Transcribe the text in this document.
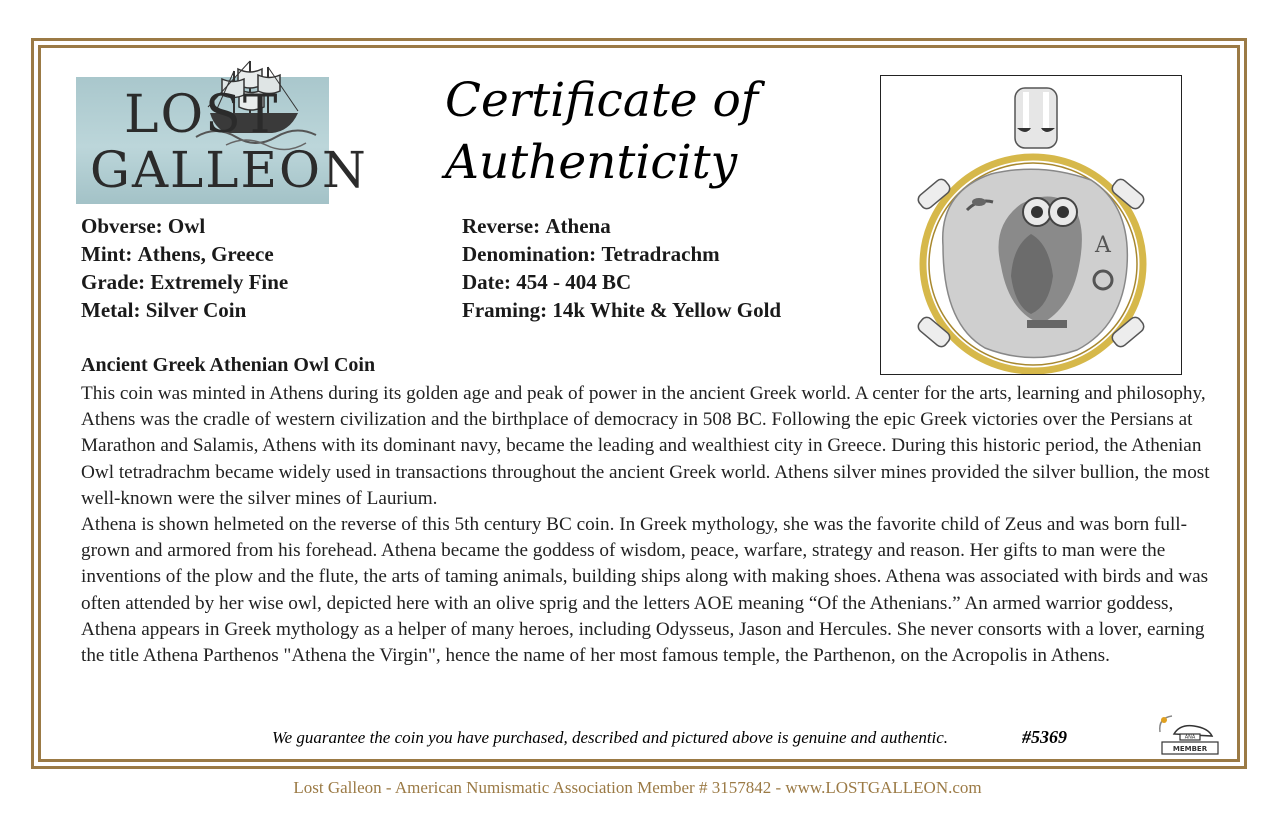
LOST
GALLEON
Certificate of
Authenticity
A
Obverse: Owl
Mint: Athens, Greece
Grade: Extremely Fine
Metal: Silver Coin
Reverse: Athena
Denomination: Tetradrachm
Date: 454 - 404 BC
Framing: 14k White & Yellow Gold
Ancient Greek Athenian Owl Coin

This coin was minted in Athens during its golden age and peak of power in the ancient Greek world. A center for the arts, learning and philosophy, Athens was the cradle of western civilization and the birthplace of democracy in 508 BC. Following the epic Greek victories over the Persians at Marathon and Salamis, Athens with its dominant navy, became the leading and wealthiest city in Greece. During this historic period, the Athenian Owl tetradrachm became widely used in transactions throughout the ancient Greek world. Athens silver mines provided the silver bullion, the most well-known were the silver mines of Laurium.

Athena is shown helmeted on the reverse of this 5th century BC coin. In Greek mythology, she was the favorite child of Zeus and was born full-grown and armored from his forehead. Athena became the goddess of wisdom, peace, warfare, strategy and reason. Her gifts to man were the inventions of the plow and the flute, the arts of taming animals, building ships along with making shoes. Athena was associated with birds and was often attended by her wise owl, depicted here with an olive sprig and the letters AOE meaning “Of the Athenians.” An armed warrior goddess, Athena appears in Greek mythology as a helper of many heroes, including Odysseus, Jason and Hercules. She never consorts with a lover, earning the title Athena Parthenos "Athena the Virgin", hence the name of her most famous temple, the Parthenon, on the Acropolis in Athens.

We guarantee the coin you have purchased, described and pictured above is genuine and authentic.	#5369	ANA
MEMBER
Lost Galleon - American Numismatic Association Member # 3157842 - www.LOSTGALLEON.com
